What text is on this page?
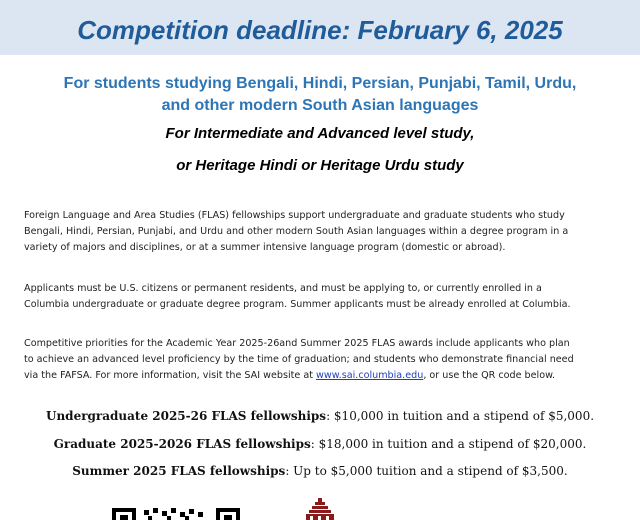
Competition deadline: February 6, 2025
For students studying Bengali, Hindi, Persian, Punjabi, Tamil, Urdu,
and other modern South Asian languages
For Intermediate and Advanced level study,
or Heritage Hindi or Heritage Urdu study
Foreign Language and Area Studies (FLAS) fellowships support undergraduate and graduate students who study
Bengali, Hindi, Persian, Punjabi, and Urdu and other modern South Asian languages within a degree program in a
variety of majors and disciplines, or at a summer intensive language program (domestic or abroad).
Applicants must be U.S. citizens or permanent residents, and must be applying to, or currently enrolled in a
Columbia undergraduate or graduate degree program. Summer applicants must be already enrolled at Columbia.
Competitive priorities for the Academic Year 2025-26and Summer 2025 FLAS awards include applicants who plan
to achieve an advanced level proficiency by the time of graduation; and students who demonstrate financial need
via the FAFSA. For more information, visit the SAI website at www.sai.columbia.edu, or use the QR code below.
Undergraduate 2025-26 FLAS fellowships: $10,000 in tuition and a stipend of $5,000.
Graduate 2025-2026 FLAS fellowships: $18,000 in tuition and a stipend of $20,000.
Summer 2025 FLAS fellowships: Up to $5,000 tuition and a stipend of $3,500.
